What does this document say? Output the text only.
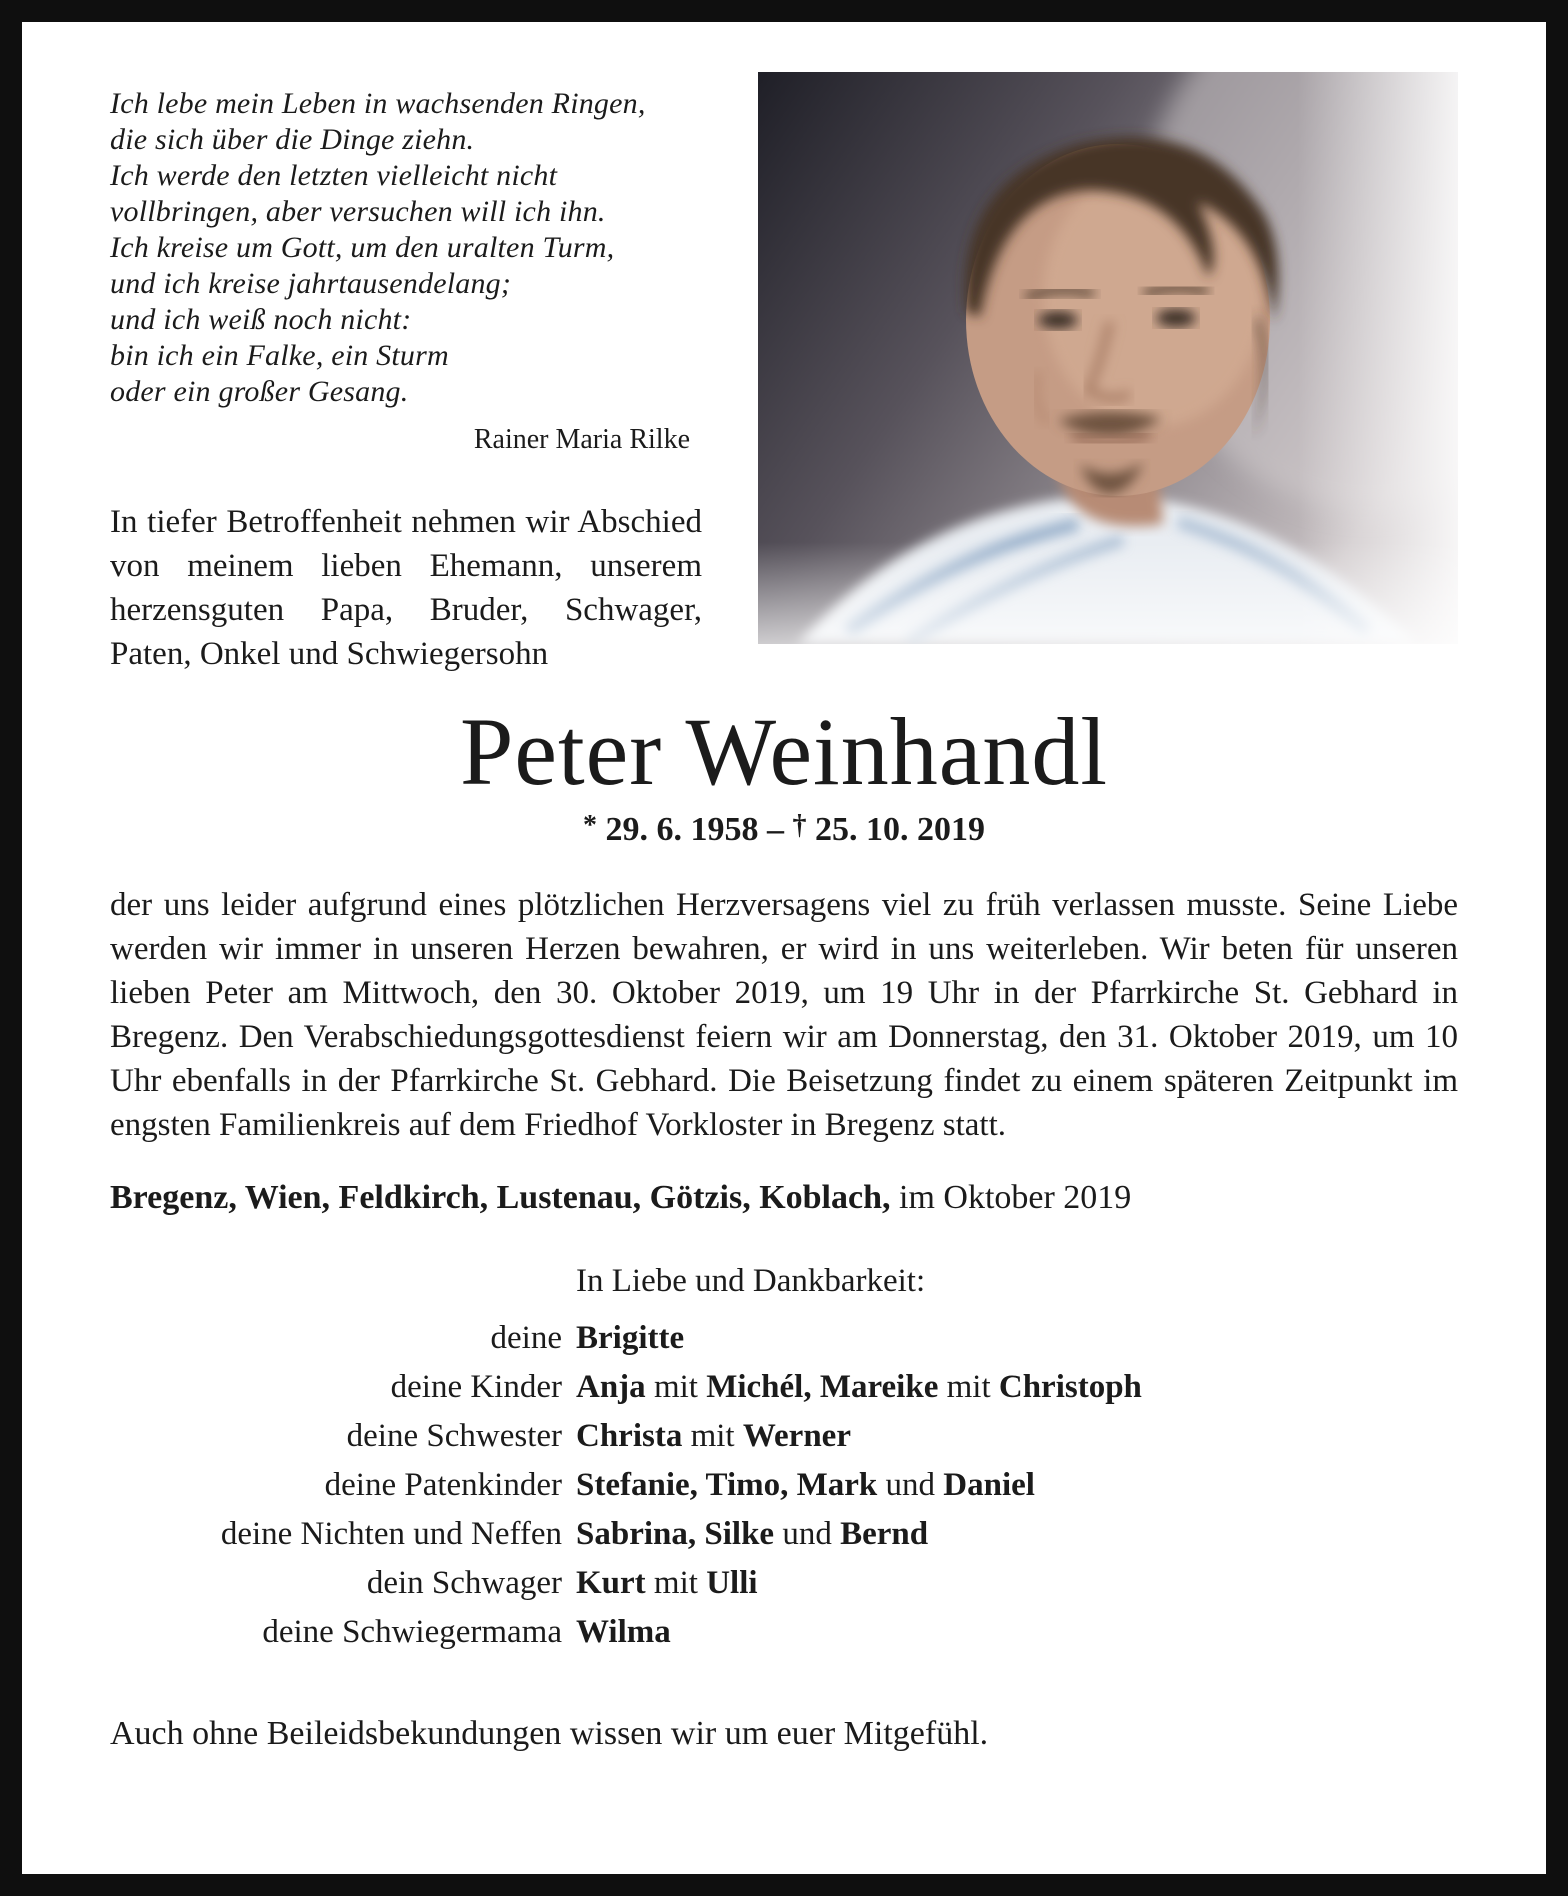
Ich lebe mein Leben in wachsenden Ringen,
die sich über die Dinge ziehn.
Ich werde den letzten vielleicht nicht
vollbringen, aber versuchen will ich ihn.
Ich kreise um Gott, um den uralten Turm,
und ich kreise jahrtausendelang;
und ich weiß noch nicht:
bin ich ein Falke, ein Sturm
oder ein großer Gesang.
Rainer Maria Rilke

In tiefer Betroffenheit nehmen wir Abschied von meinem lieben Ehemann, unserem herzensguten Papa, Bruder, Schwager, Paten, Onkel und Schwiegersohn

Peter Weinhandl
* 29. 6. 1958 – † 25. 10. 2019

der uns leider aufgrund eines plötzlichen Herzversagens viel zu früh verlassen musste. Seine Liebe werden wir immer in unseren Herzen bewahren, er wird in uns weiterleben. Wir beten für unseren lieben Peter am Mittwoch, den 30. Oktober 2019, um 19 Uhr in der Pfarrkirche St. Gebhard in Bregenz. Den Verabschiedungsgottesdienst feiern wir am Donnerstag, den 31. Oktober 2019, um 10 Uhr ebenfalls in der Pfarrkirche St. Gebhard. Die Beisetzung findet zu einem späteren Zeitpunkt im engsten Familienkreis auf dem Friedhof Vorkloster in Bregenz statt.

Bregenz, Wien, Feldkirch, Lustenau, Götzis, Koblach, im Oktober 2019

In Liebe und Dankbarkeit:
deine Brigitte
deine Kinder Anja mit Michél, Mareike mit Christoph
deine Schwester Christa mit Werner
deine Patenkinder Stefanie, Timo, Mark und Daniel
deine Nichten und Neffen Sabrina, Silke und Bernd
dein Schwager Kurt mit Ulli
deine Schwiegermama Wilma

Auch ohne Beileidsbekundungen wissen wir um euer Mitgefühl.
